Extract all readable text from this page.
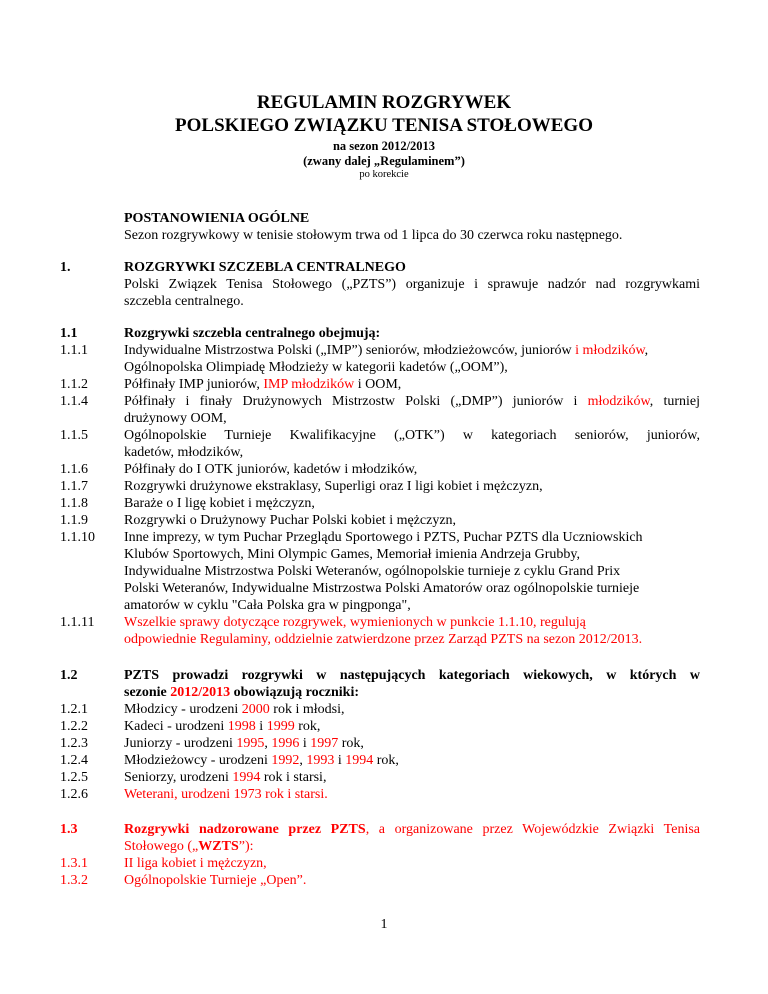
REGULAMIN ROZGRYWEK
POLSKIEGO ZWIĄZKU TENISA STOŁOWEGO
na sezon 2012/2013
(zwany dalej „Regulaminem”)
po korekcie
POSTANOWIENIA OGÓLNE
Sezon rozgrywkowy w tenisie stołowym trwa od 1 lipca do 30 czerwca roku następnego.
1.	ROZGRYWKI SZCZEBLA CENTRALNEGO
Polski Związek Tenisa Stołowego („PZTS”) organizuje i sprawuje nadzór nad rozgrywkami
szczebla centralnego.
1.1	Rozgrywki szczebla centralnego obejmują:
1.1.1	Indywidualne Mistrzostwa Polski („IMP”) seniorów, młodzieżowców, juniorów i młodzików,
Ogólnopolska Olimpiadę Młodzieży w kategorii kadetów („OOM”),
1.1.2	Półfinały IMP juniorów, IMP młodzików i OOM,
1.1.4	Półfinały i finały Drużynowych Mistrzostw Polski („DMP”) juniorów i młodzików, turniej
drużynowy OOM,
1.1.5	Ogólnopolskie Turnieje Kwalifikacyjne („OTK”) w kategoriach seniorów, juniorów,
kadetów, młodzików,
1.1.6	Półfinały do I OTK juniorów, kadetów i młodzików,
1.1.7	Rozgrywki drużynowe ekstraklasy, Superligi oraz I ligi kobiet i mężczyzn,
1.1.8	Baraże o I ligę kobiet i mężczyzn,
1.1.9	Rozgrywki o Drużynowy Puchar Polski kobiet i mężczyzn,
1.1.10	Inne imprezy, w tym Puchar Przeglądu Sportowego i PZTS, Puchar PZTS dla Uczniowskich
Klubów Sportowych, Mini Olympic Games, Memoriał imienia Andrzeja Grubby,
Indywidualne Mistrzostwa Polski Weteranów, ogólnopolskie turnieje z cyklu Grand Prix
Polski Weteranów, Indywidualne Mistrzostwa Polski Amatorów oraz ogólnopolskie turnieje
amatorów w cyklu "Cała Polska gra w pingponga",
1.1.11	Wszelkie sprawy dotyczące rozgrywek, wymienionych w punkcie 1.1.10, regulują
odpowiednie Regulaminy, oddzielnie zatwierdzone przez Zarząd PZTS na sezon 2012/2013.
1.2	PZTS prowadzi rozgrywki w następujących kategoriach wiekowych, w których w
sezonie 2012/2013 obowiązują roczniki:
1.2.1	Młodzicy - urodzeni 2000 rok i młodsi,
1.2.2	Kadeci - urodzeni 1998 i 1999 rok,
1.2.3	Juniorzy - urodzeni 1995, 1996 i 1997 rok,
1.2.4	Młodzieżowcy - urodzeni 1992, 1993 i 1994 rok,
1.2.5	Seniorzy, urodzeni 1994 rok i starsi,
1.2.6	Weterani, urodzeni 1973 rok i starsi.
1.3	Rozgrywki nadzorowane przez PZTS, a organizowane przez Wojewódzkie Związki Tenisa
Stołowego („WZTS”):
1.3.1	II liga kobiet i mężczyzn,
1.3.2	Ogólnopolskie Turnieje „Open”.
1
